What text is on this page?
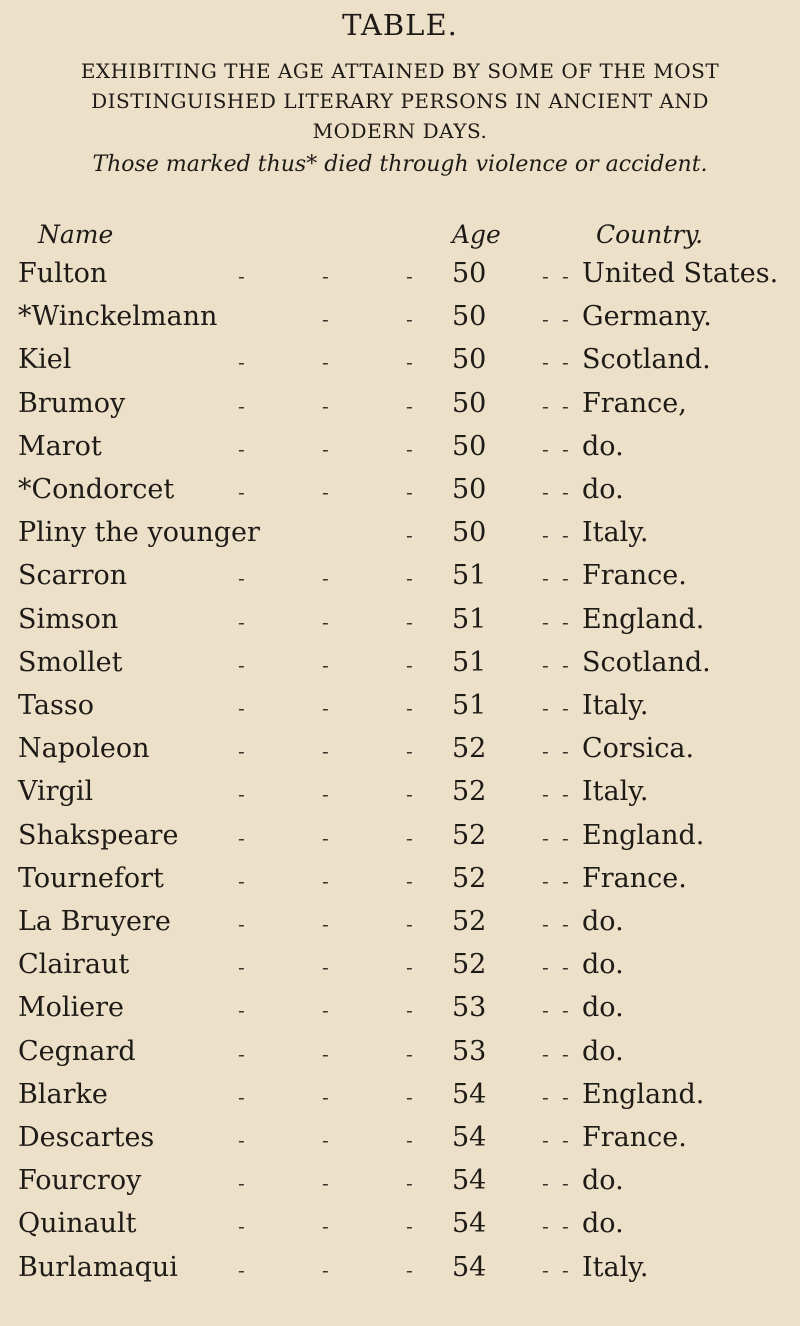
TABLE.
EXHIBITING THE AGE ATTAINED BY SOME OF THE MOST
DISTINGUISHED LITERARY PERSONS IN ANCIENT AND
MODERN DAYS.
Those marked thus* died through violence or accident.
Name	Age	Country.
Fulton	50	United States.
-	-	-	- -
*Winckelmann	50	Germany.
-	-	- -
Kiel	50	Scotland.
-	-	-	- -
Brumoy	50	France,
-	-	-	- -
Marot	50	do.
-	-	-	- -
*Condorcet	50	do.
-	-	-	- -
Pliny the younger	50	Italy.
-	- -
Scarron	51	France.
-	-	-	- -
Simson	51	England.
-	-	-	- -
Smollet	51	Scotland.
-	-	-	- -
Tasso	51	Italy.
-	-	-	- -
Napoleon	52	Corsica.
-	-	-	- -
Virgil	52	Italy.
-	-	-	- -
Shakspeare	52	England.
-	-	-	- -
Tournefort	52	France.
-	-	-	- -
La Bruyere	52	do.
-	-	-	- -
Clairaut	52	do.
-	-	-	- -
Moliere	53	do.
-	-	-	- -
Cegnard	53	do.
-	-	-	- -
Blarke	54	England.
-	-	-	- -
Descartes	54	France.
-	-	-	- -
Fourcroy	54	do.
-	-	-	- -
Quinault	54	do.
-	-	-	- -
Burlamaqui	54	Italy.
-	-	-	- -
